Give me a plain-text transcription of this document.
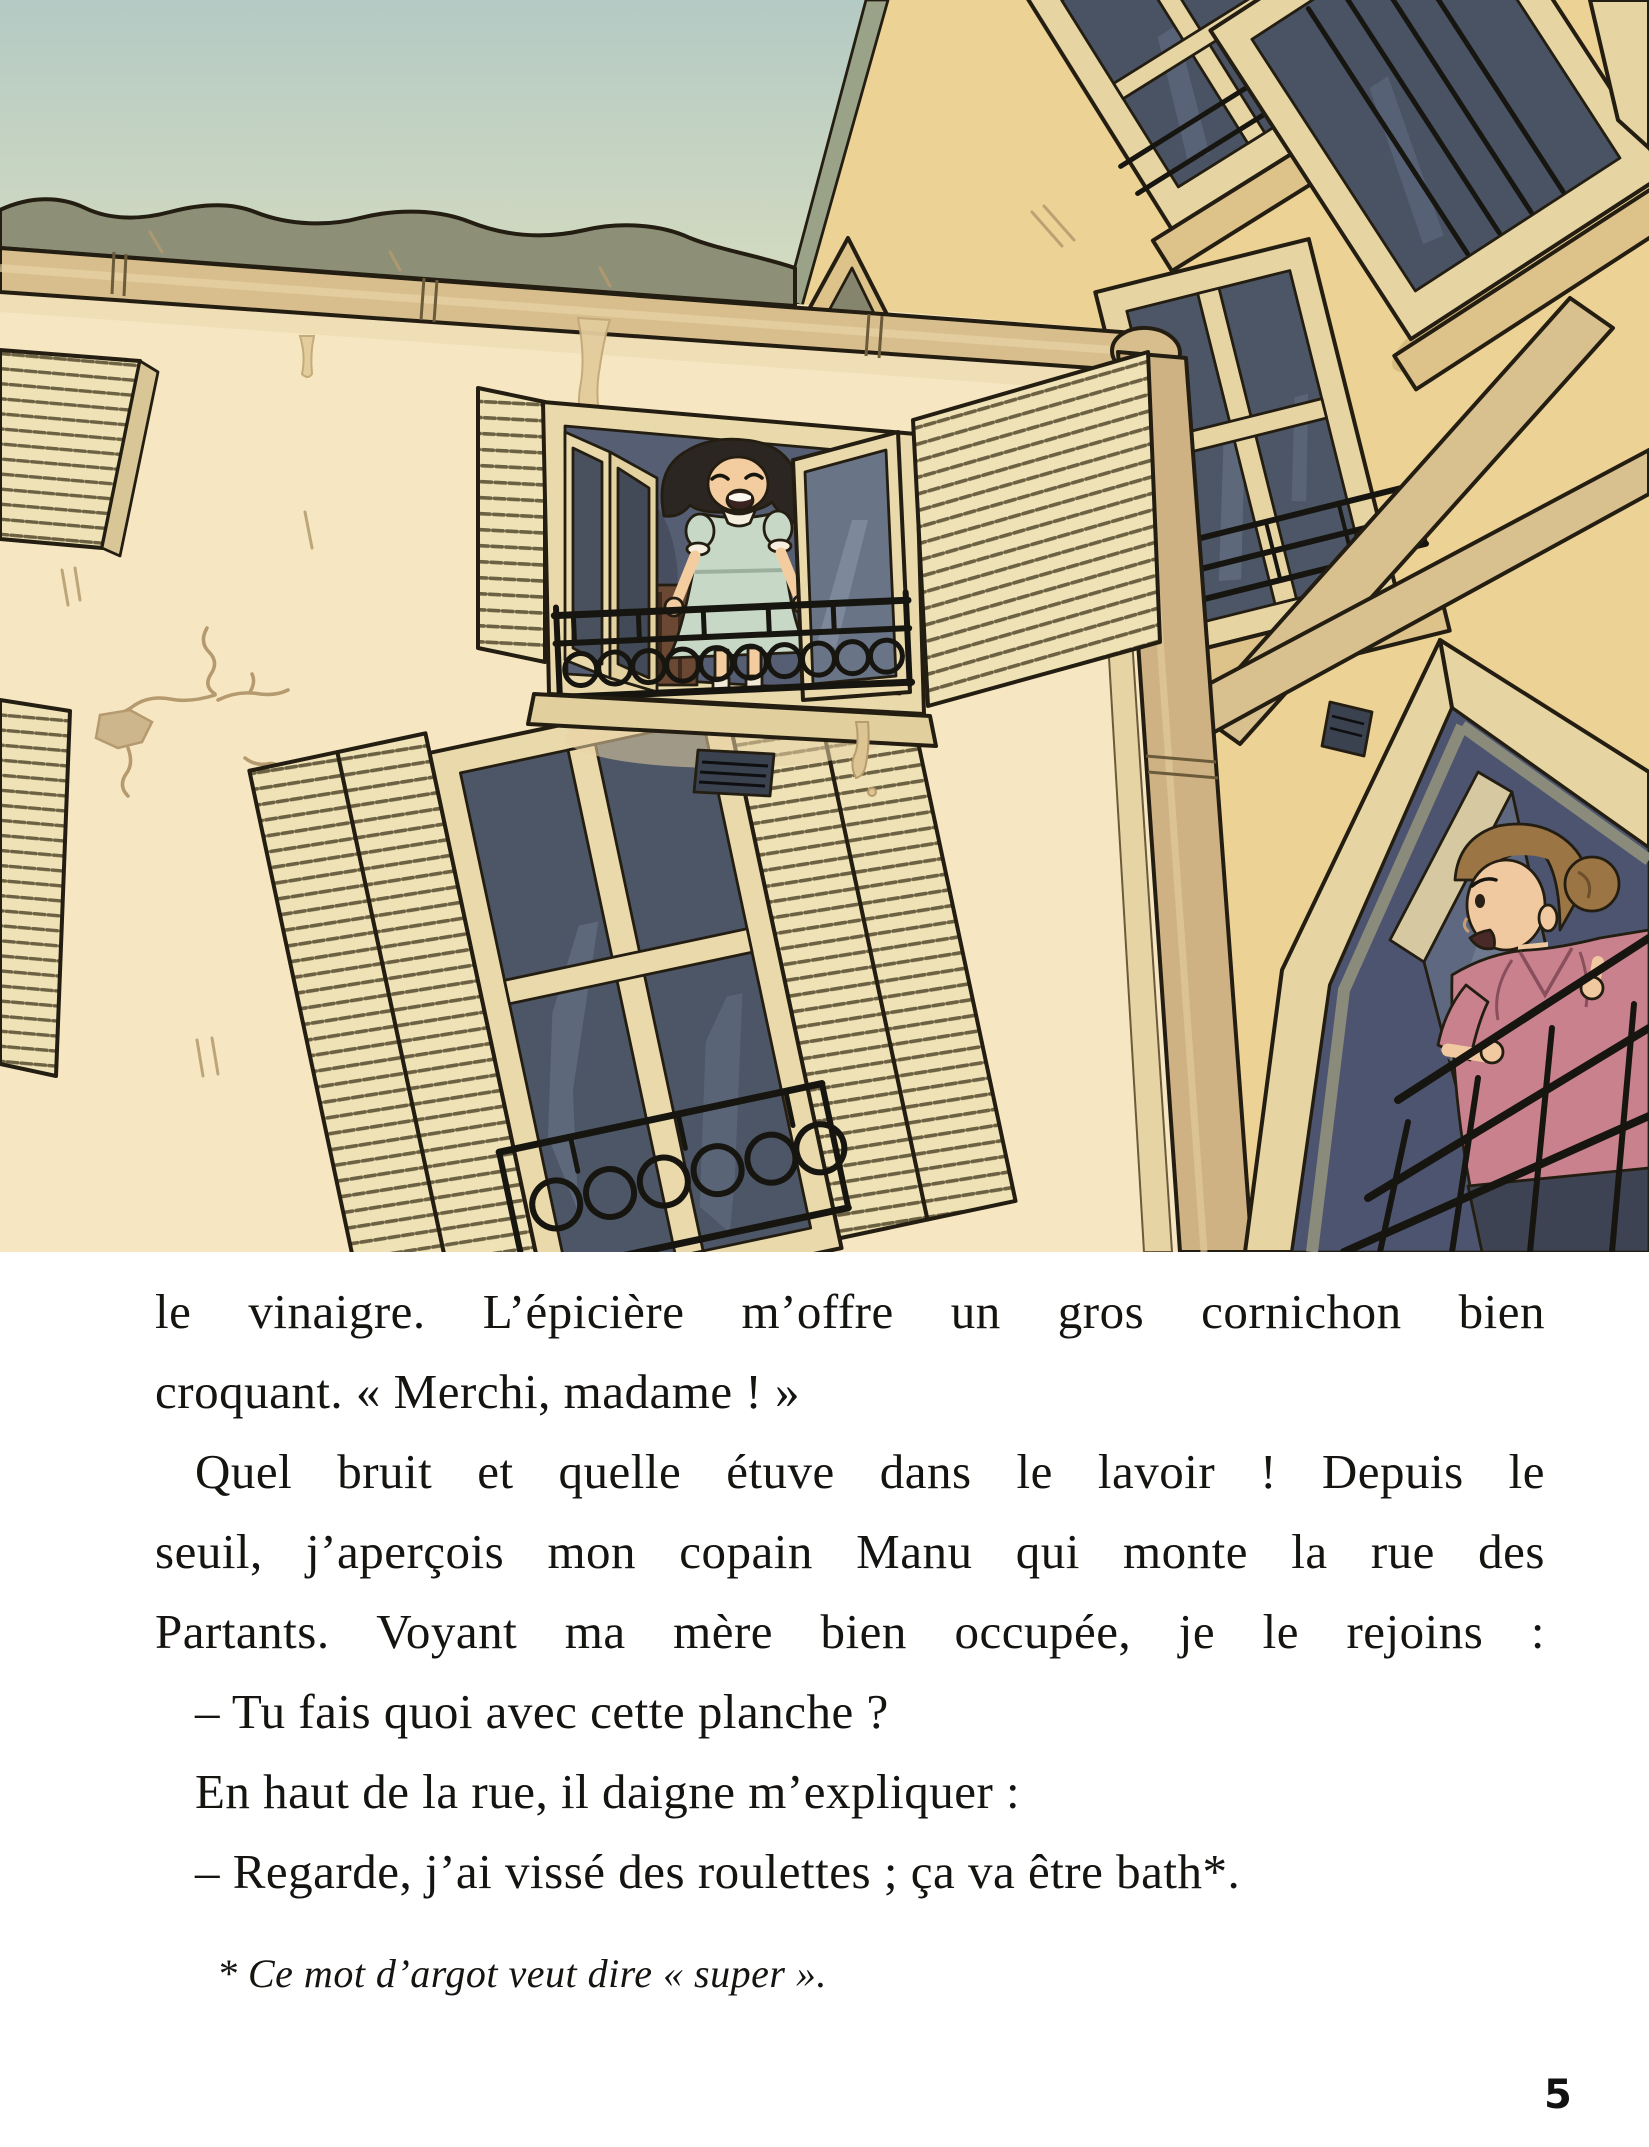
le vinaigre. L’épicière m’offre un gros cornichon bien

croquant. « Merchi, madame ! »

Quel bruit et quelle étuve dans le lavoir ! Depuis le

seuil, j’aperçois mon copain Manu qui monte la rue des

Partants. Voyant ma mère bien occupée, je le rejoins :

– Tu fais quoi avec cette planche ?

En haut de la rue, il daigne m’expliquer :

– Regarde, j’ai vissé des roulettes ; ça va être bath*.

* Ce mot d’argot veut dire « super ».

5
